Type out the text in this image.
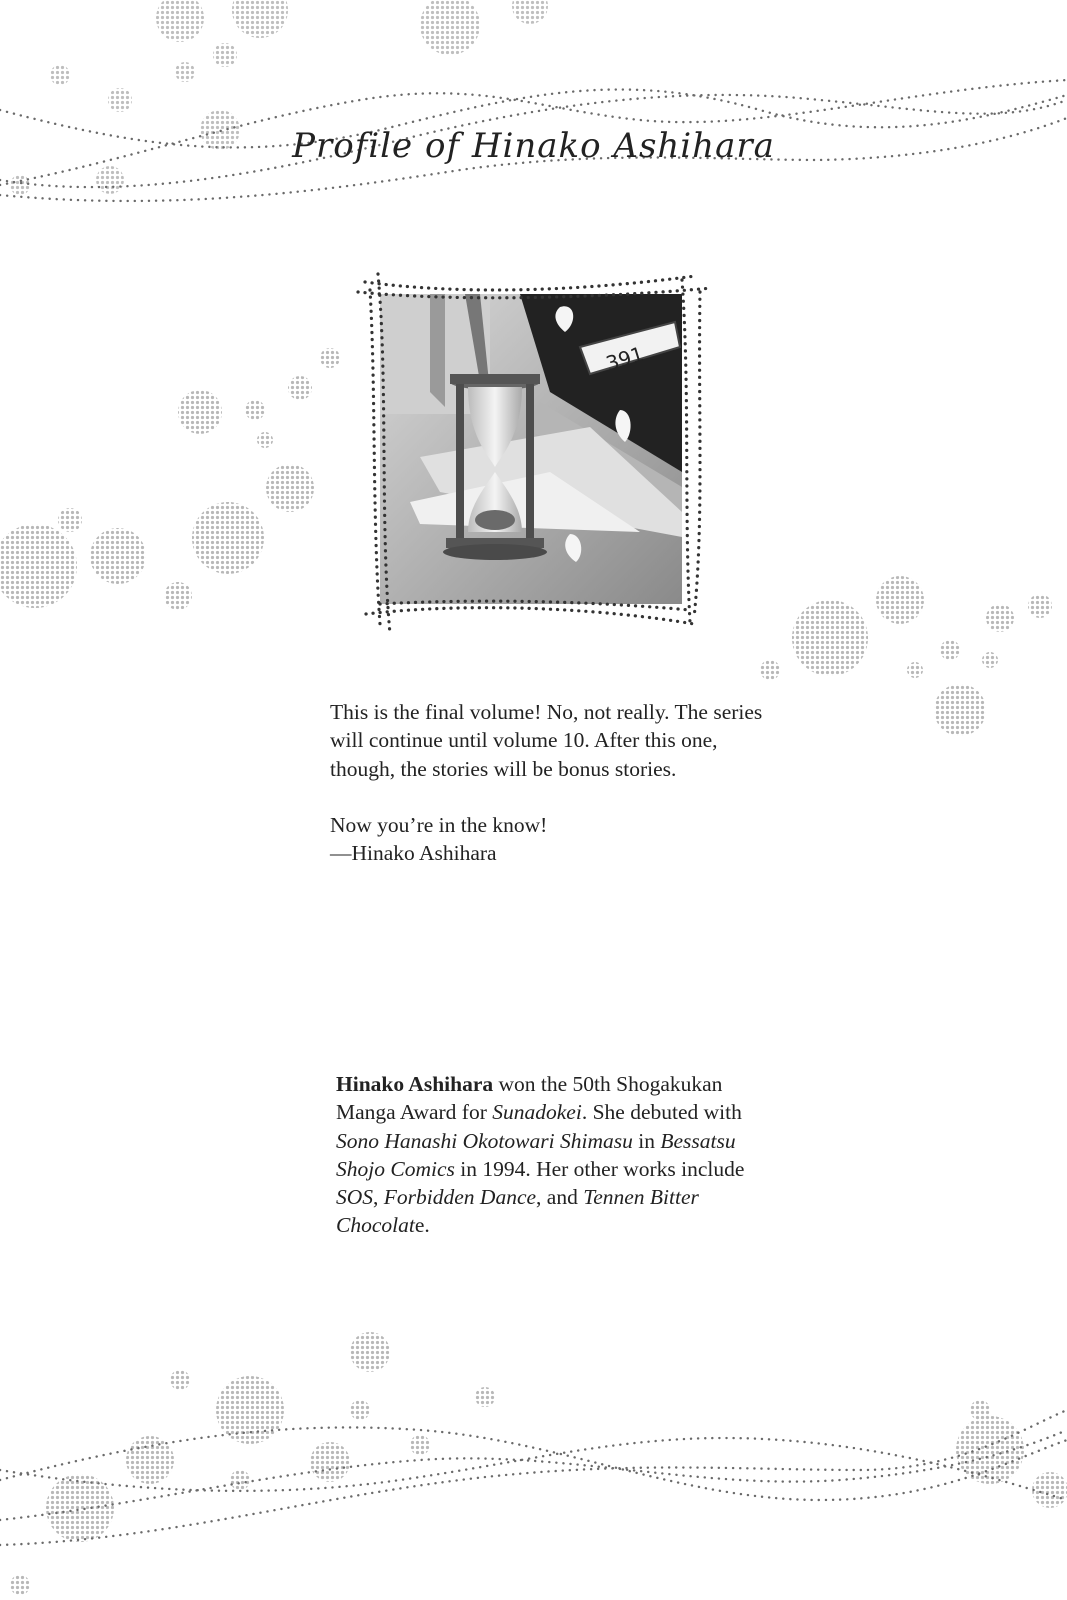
Profile of Hinako Ashihara
391

This is the final volume! No, not really. The series will continue until volume 10. After this one, though, the stories will be bonus stories.

Now you’re in the know!

—Hinako Ashihara

Hinako Ashihara won the 50th Shogakukan Manga Award for Sunadokei. She debuted with Sono Hanashi Okotowari Shimasu in Bessatsu Shojo Comics in 1994. Her other works include SOS, Forbidden Dance, and Tennen Bitter Chocolate.
